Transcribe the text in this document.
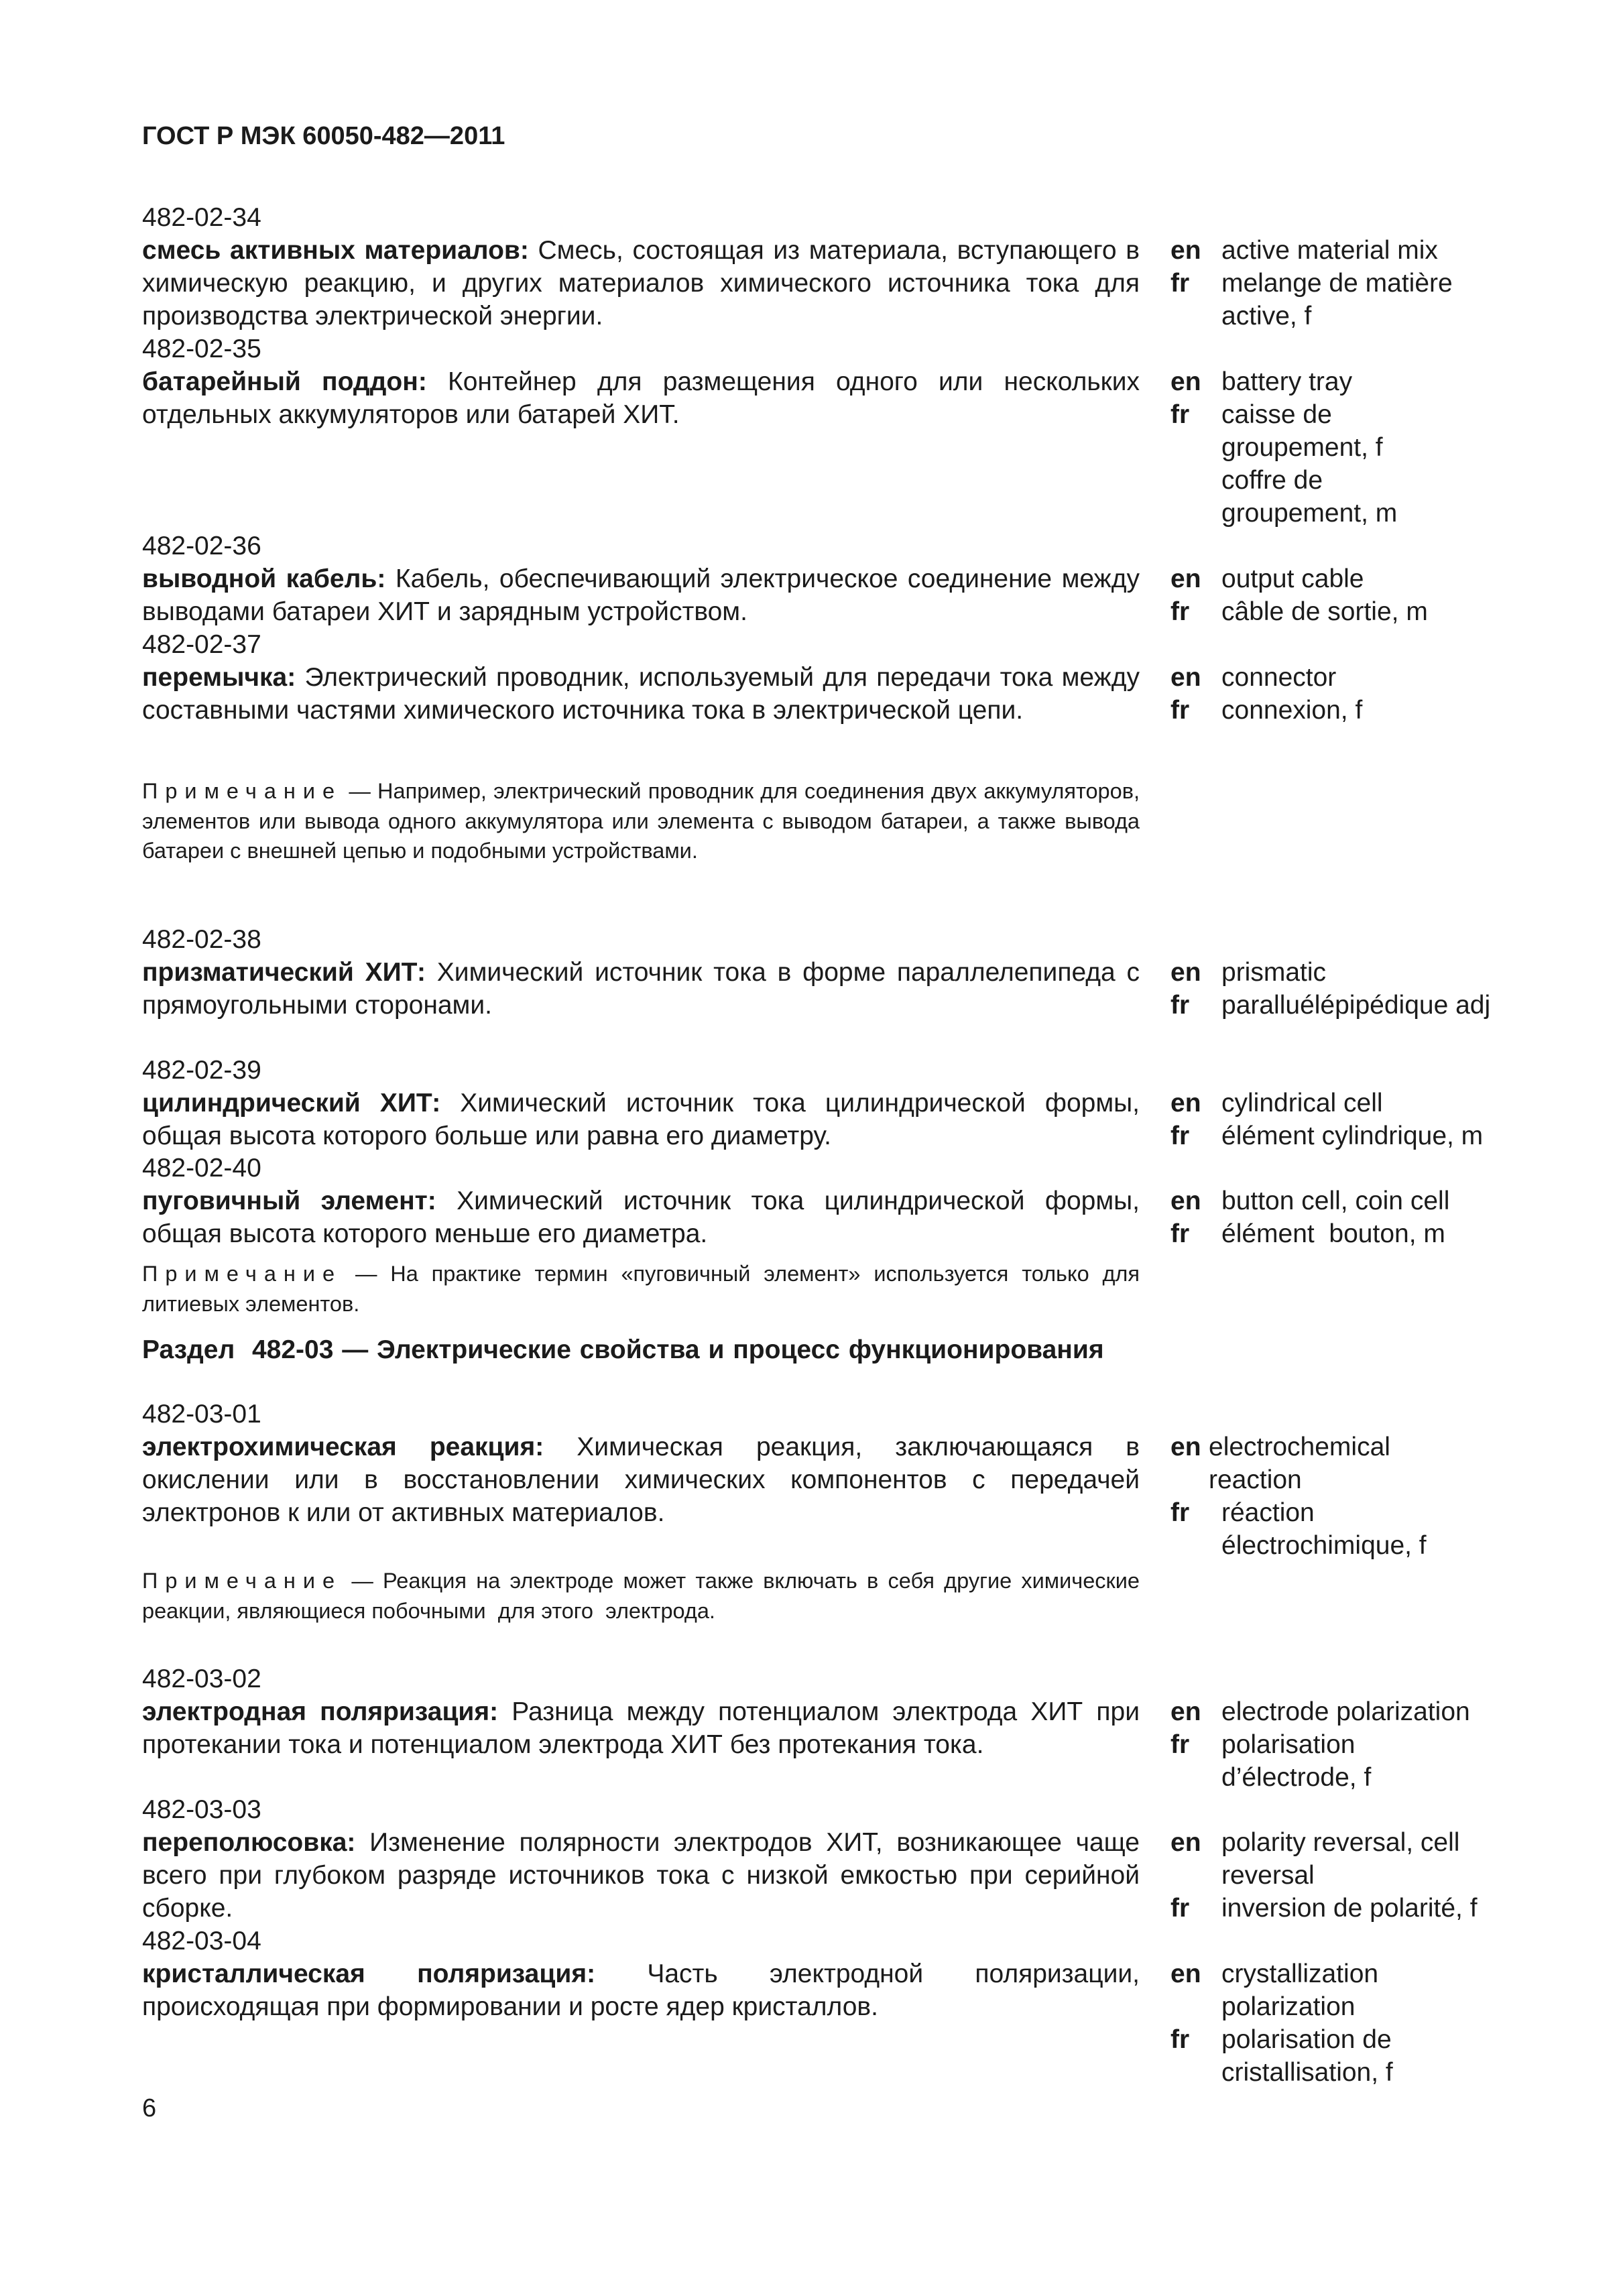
ГОСТ Р МЭК 60050-482—2011
482-02-34
смесь активных материалов: Смесь, состоящая из материала, вступающего в химическую реакцию, и других материалов химического источника тока для производства электрической энергии.
en active material mix
fr	melange de matière active, f
482-02-35
батарейный поддон: Контейнер для размещения одного или нескольких отдельных аккумуляторов или батарей ХИТ.
en battery tray
fr	caisse de groupement, f coffre de groupement, m
482-02-36
выводной кабель: Кабель, обеспечивающий электрическое соединение между выводами батареи ХИТ и зарядным устройством.
en output cable
fr	câble de sortie, m
482-02-37
перемычка: Электрический проводник, используемый для передачи тока между составными частями химического источника тока в электрической цепи.
en connector
fr	connexion, f
Примечание — Например, электрический проводник для соединения двух аккумуляторов, элементов или вывода одного аккумулятора или элемента с выводом батареи, а также вывода батареи с внешней цепью и подобными устройствами.
482-02-38
призматический ХИТ: Химический источник тока в форме параллелепипеда с прямоугольными сторонами.
en prismatic
fr	paralluélépipédique adj
482-02-39
цилиндрический ХИТ: Химический источник тока цилиндрической формы, общая высота которого больше или равна его диаметру.
en cylindrical cell
fr	élément cylindrique, m
482-02-40
пуговичный элемент: Химический источник тока цилиндрической формы, общая высота которого меньше его диаметра.
en button cell, coin cell
fr	élément  bouton, m
Примечание — На практике термин «пуговичный элемент» используется только для литиевых элементов.
Раздел  482-03 — Электрические свойства и процесс функционирования
482-03-01
электрохимическая реакция: Химическая реакция, заключающаяся в окислении или в восстановлении химических компонентов с передачей электронов к или от активных материалов.
en electrochemical reaction
fr	réaction électrochimique, f
Примечание — Реакция на электроде может также включать в себя другие химические реакции, являющиеся побочными  для этого  электрода.
482-03-02
электродная поляризация: Разница между потенциалом электрода ХИТ при протекании тока и потенциалом электрода ХИТ без протекания тока.
en electrode polarization
fr	polarisation d’électrode, f
482-03-03
переполюсовка: Изменение полярности электродов ХИТ, возникающее чаще всего при глубоком разряде источников тока с низкой емкостью при серийной сборке.
en polarity reversal, cell reversal
fr	inversion de polarité, f
482-03-04
кристаллическая поляризация: Часть электродной поляризации, происходящая при формировании и росте ядер кристаллов.
en crystallization polarization
fr	polarisation de cristallisation, f
6
